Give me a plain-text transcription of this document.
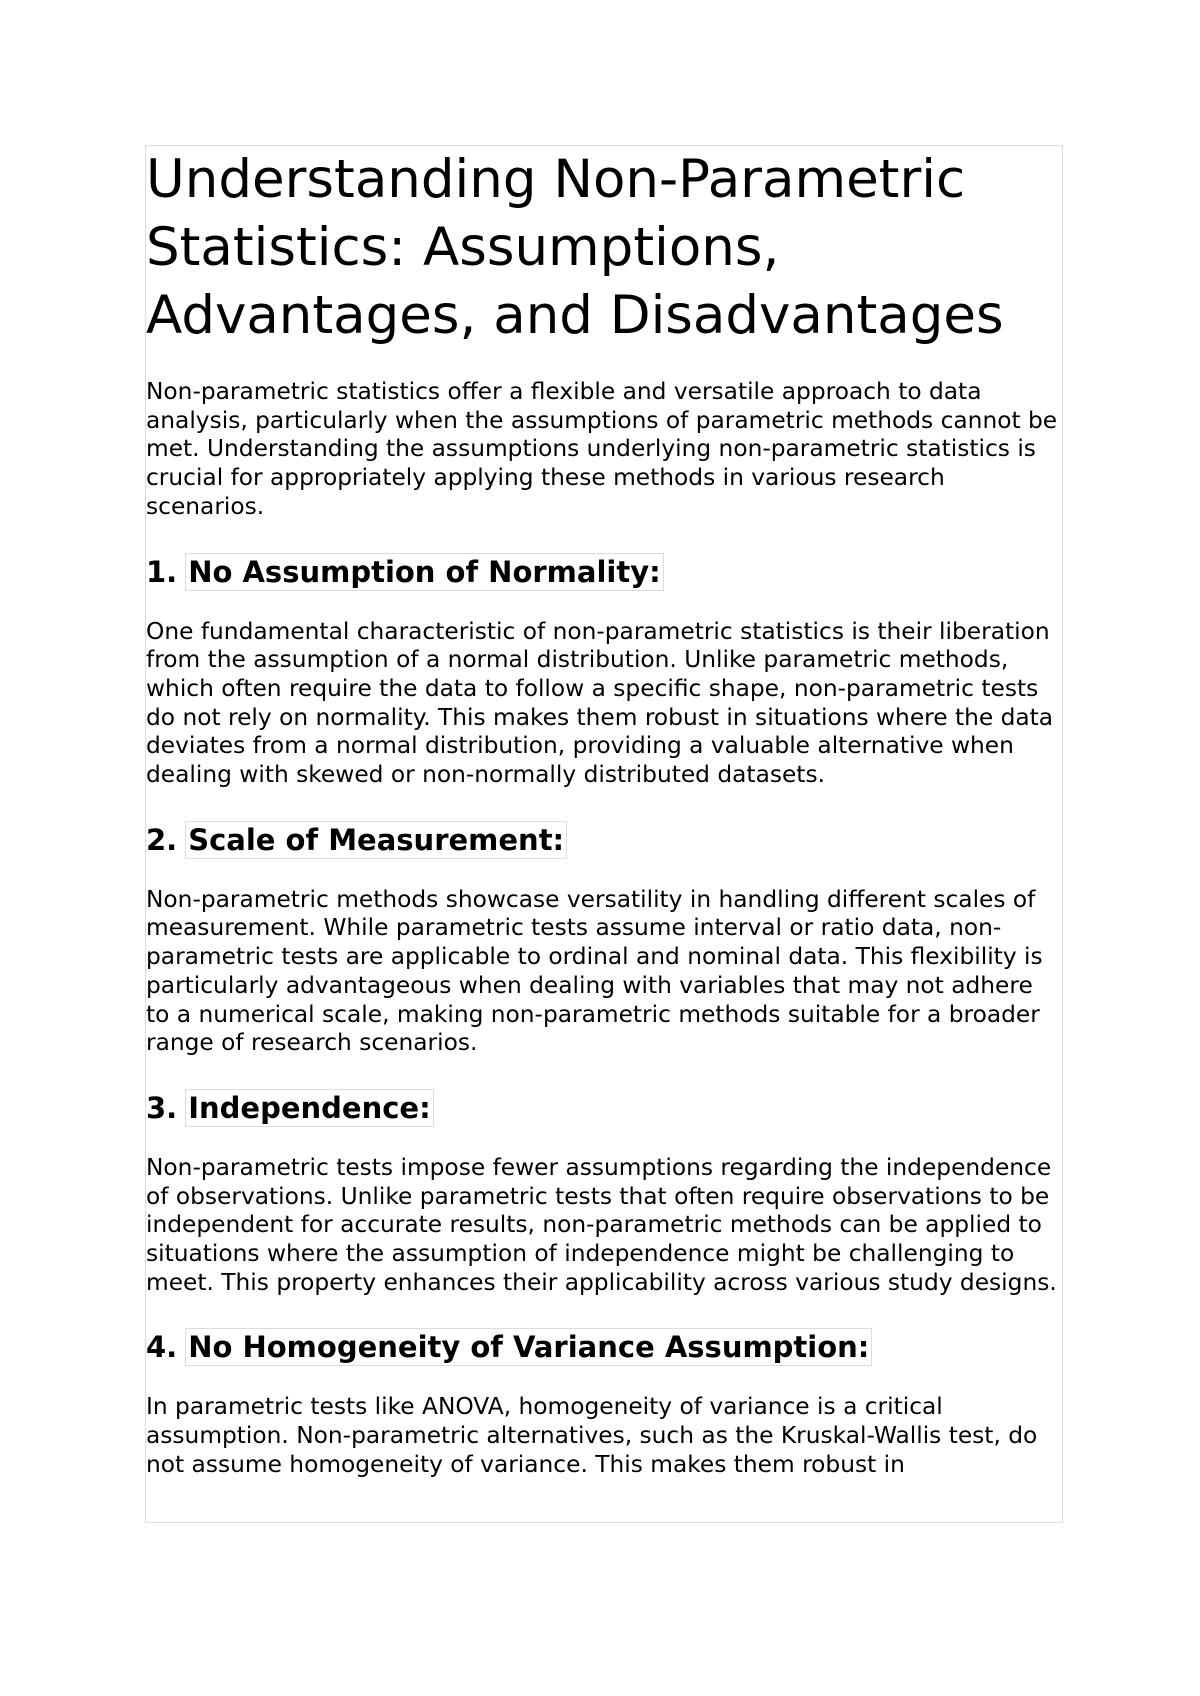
Understanding Non-Parametric Statistics: Assumptions, Advantages, and Disadvantages

Non-parametric statistics offer a flexible and versatile approach to data analysis, particularly when the assumptions of parametric methods cannot be met. Understanding the assumptions underlying non-parametric statistics is crucial for appropriately applying these methods in various research scenarios.

1. No Assumption of Normality:

One fundamental characteristic of non-parametric statistics is their liberation from the assumption of a normal distribution. Unlike parametric methods, which often require the data to follow a specific shape, non-parametric tests do not rely on normality. This makes them robust in situations where the data deviates from a normal distribution, providing a valuable alternative when dealing with skewed or non-normally distributed datasets.

2. Scale of Measurement:

Non-parametric methods showcase versatility in handling different scales of measurement. While parametric tests assume interval or ratio data, non-parametric tests are applicable to ordinal and nominal data. This flexibility is particularly advantageous when dealing with variables that may not adhere to a numerical scale, making non-parametric methods suitable for a broader range of research scenarios.

3. Independence:

Non-parametric tests impose fewer assumptions regarding the independence of observations. Unlike parametric tests that often require observations to be independent for accurate results, non-parametric methods can be applied to situations where the assumption of independence might be challenging to meet. This property enhances their applicability across various study designs.

4. No Homogeneity of Variance Assumption:

In parametric tests like ANOVA, homogeneity of variance is a critical assumption. Non-parametric alternatives, such as the Kruskal-Wallis test, do not assume homogeneity of variance. This makes them robust in
